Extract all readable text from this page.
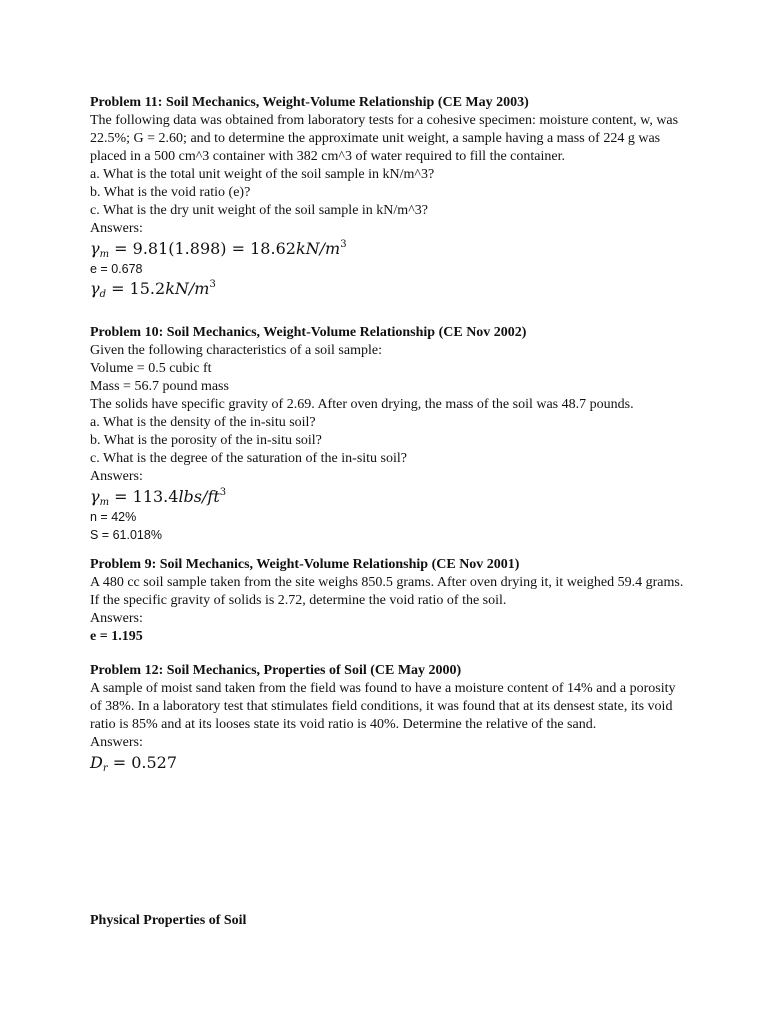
Problem 11: Soil Mechanics, Weight-Volume Relationship (CE May 2003)

The following data was obtained from laboratory tests for a cohesive specimen: moisture content, w, was 22.5%; G = 2.60; and to determine the approximate unit weight, a sample having a mass of 224 g was placed in a 500 cm^3 container with 382 cm^3 of water required to fill the container.

a. What is the total unit weight of the soil sample in kN/m^3?

b. What is the void ratio (e)?

c. What is the dry unit weight of the soil sample in kN/m^3?

Answers:

$\gamma_m = 9.81(1.898) = 18.62kN/m^3$

e = 0.678

$\gamma_d = 15.2kN/m^3$

Problem 10: Soil Mechanics, Weight-Volume Relationship (CE Nov 2002)

Given the following characteristics of a soil sample:

Volume = 0.5 cubic ft

Mass = 56.7 pound mass

The solids have specific gravity of 2.69. After oven drying, the mass of the soil was 48.7 pounds.

a. What is the density of the in-situ soil?

b. What is the porosity of the in-situ soil?

c. What is the degree of the saturation of the in-situ soil?

Answers:

$\gamma_m = 113.4lbs/ft^3$

n = 42%

S = 61.018%

Problem 9: Soil Mechanics, Weight-Volume Relationship (CE Nov 2001)

A 480 cc soil sample taken from the site weighs 850.5 grams. After oven drying it, it weighed 59.4 grams. If the specific gravity of solids is 2.72, determine the void ratio of the soil.

Answers:

e = 1.195

Problem 12: Soil Mechanics, Properties of Soil (CE May 2000)

A sample of moist sand taken from the field was found to have a moisture content of 14% and a porosity of 38%. In a laboratory test that stimulates field conditions, it was found that at its densest state, its void ratio is 85% and at its looses state its void ratio is 40%. Determine the relative of the sand.

Answers:

$D_r = 0.527$

Physical Properties of Soil
